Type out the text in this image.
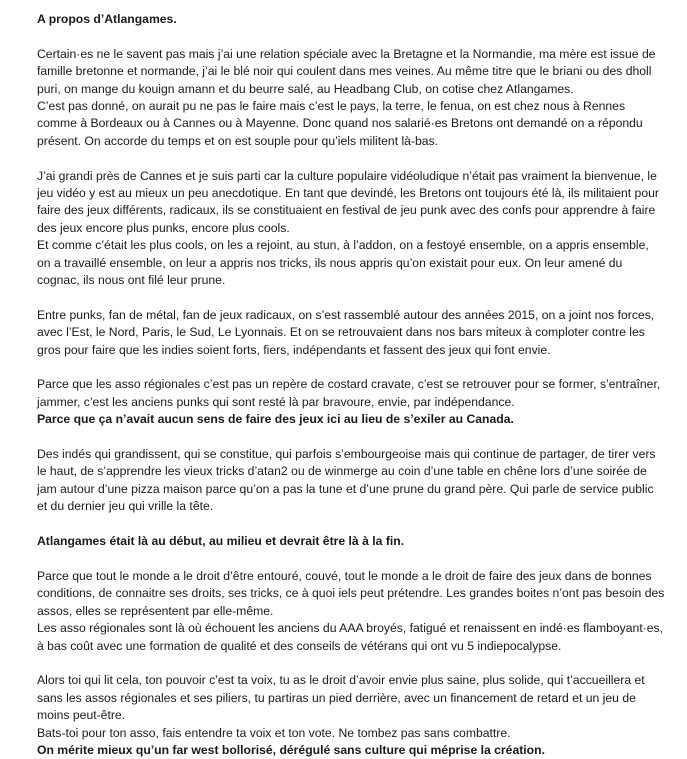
A propos d’Atlangames.

Certain·es ne le savent pas mais j’ai une relation spéciale avec la Bretagne et la Normandie, ma mère est issue de famille bretonne et normande, j’ai le blé noir qui coulent dans mes veines. Au même titre que le briani ou des dholl puri, on mange du kouign amann et du beurre salé, au Headbang Club, on cotise chez Atlangames.
C’est pas donné, on aurait pu ne pas le faire mais c’est le pays, la terre, le fenua, on est chez nous à Rennes comme à Bordeaux ou à Cannes ou à Mayenne. Donc quand nos salarié·es Bretons ont demandé on a répondu présent. On accorde du temps et on est souple pour qu’iels militent là-bas.

J’ai grandi près de Cannes et je suis parti car la culture populaire vidéoludique n’était pas vraiment la bienvenue, le jeu vidéo y est au mieux un peu anecdotique. En tant que devindé, les Bretons ont toujours été là, ils militaient pour faire des jeux différents, radicaux, ils se constituaient en festival de jeu punk avec des confs pour apprendre à faire des jeux encore plus punks, encore plus cools.
Et comme c’était les plus cools, on les a rejoint, au stun, à l’addon, on a festoyé ensemble, on a appris ensemble, on a travaillé ensemble, on leur a appris nos tricks, ils nous appris qu’on existait pour eux. On leur amené du cognac, ils nous ont filé leur prune.

Entre punks, fan de métal, fan de jeux radicaux, on s’est rassemblé autour des années 2015, on a joint nos forces, avec l’Est, le Nord, Paris, le Sud, Le Lyonnais. Et on se retrouvaient dans nos bars miteux à comploter contre les gros pour faire que les indies soient forts, fiers, indépendants et fassent des jeux qui font envie.

Parce que les asso régionales c’est pas un repère de costard cravate, c’est se retrouver pour se former, s’entraîner, jammer, c’est les anciens punks qui sont resté là par bravoure, envie, par indépendance.
Parce que ça n’avait aucun sens de faire des jeux ici au lieu de s’exiler au Canada.

Des indés qui grandissent, qui se constitue, qui parfois s’embourgeoise mais qui continue de partager, de tirer vers le haut, de s’apprendre les vieux tricks d’atan2 ou de winmerge au coin d’une table en chêne lors d’une soirée de jam autour d’une pizza maison parce qu’on a pas la tune et d’une prune du grand père. Qui parle de service public et du dernier jeu qui vrille la tête.

Atlangames était là au début, au milieu et devrait être là à la fin.

Parce que tout le monde a le droit d’être entouré, couvé, tout le monde a le droit de faire des jeux dans de bonnes conditions, de connaitre ses droits, ses tricks, ce à quoi iels peut prétendre. Les grandes boites n’ont pas besoin des assos, elles se représentent par elle-même.
Les asso régionales sont là où échouent les anciens du AAA broyés, fatigué et renaissent en indé·es flamboyant·es, à bas coût avec une formation de qualité et des conseils de vétérans qui ont vu 5 indiepocalypse.

Alors toi qui lit cela, ton pouvoir c’est ta voix, tu as le droit d’avoir envie plus saine, plus solide, qui t’accueillera et sans les assos régionales et ses piliers, tu partiras un pied derrière, avec un financement de retard et un jeu de moins peut-être.
Bats-toi pour ton asso, fais entendre ta voix et ton vote. Ne tombez pas sans combattre.
On mérite mieux qu’un far west bollorisé, dérégulé sans culture qui méprise la création.
